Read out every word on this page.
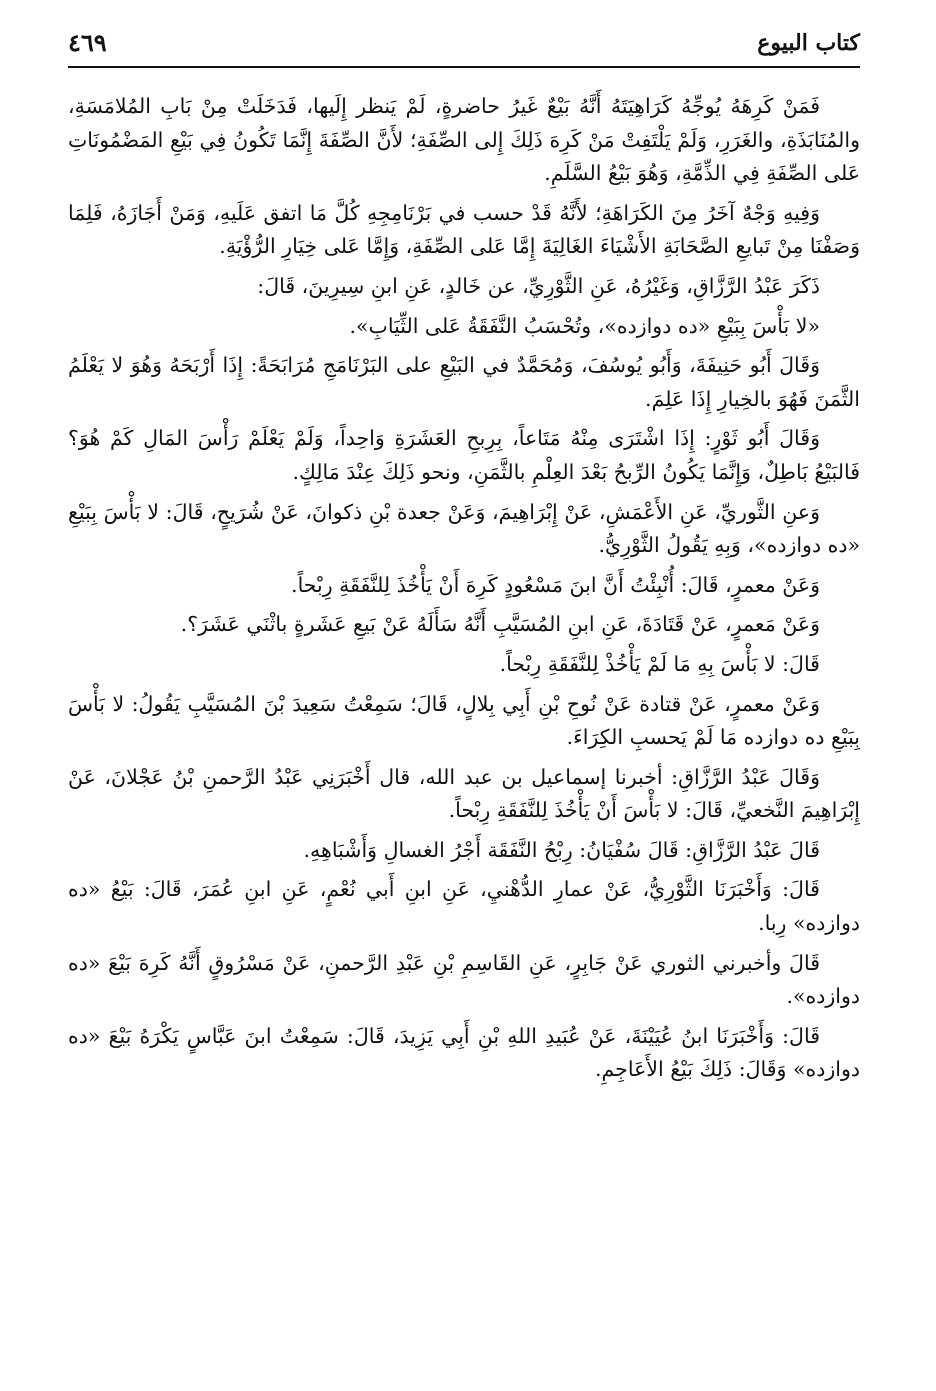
كتاب البيوع
٤٦٩

فَمَنْ كَرِهَهُ يُوجِّهُ كَرَاهِيَتَهُ أَنَّهُ بَيْعٌ غَيرُ حاضرةٍ، لَمْ يَنظر إِلَيها، فَدَخَلَتْ مِنْ بَابِ المُلامَسَةِ، والمُنَابَذَةِ، والغَرَرِ، وَلَمْ يَلْتَفِتْ مَنْ كَرِهَ ذَلِكَ إِلى الصِّفَةِ؛ لأَنَّ الصِّفَةَ إِنَّمَا تَكُونُ فِي بَيْعِ المَضْمُونَاتِ عَلى الصِّفَةِ فِي الذِّمَّةِ، وَهُوَ بَيْعُ السَّلَمِ.

وَفِيهِ وَجْهٌ آخَرُ مِنَ الكَرَاهَةِ؛ لأَنَّهُ قَدْ حسب في بَرْنَامِجِهِ كُلَّ مَا اتفق عَلَيهِ، وَمَنْ أَجَازَهُ، فَلِمَا وَصَفْنَا مِنْ تَبايعِ الصَّحَابَةِ الأَشْيَاءَ الغَالِيَةَ إِمَّا عَلى الصِّفَةِ، وَإِمَّا عَلى خِيَارِ الرُّؤْيَةِ.

ذَكَرَ عَبْدُ الرَّزَّاقِ، وَغَيْرُهُ، عَنِ الثَّوْرِيِّ، عن خَالدٍ، عَنِ ابنِ سِيرِينَ، قَالَ:

«لا بَأْسَ بِبَيْعِ «ده دوازده»، وتُحْسَبُ النَّفَقَةُ عَلى الثِّيَابِ».

وَقَالَ أَبُو حَنِيفَةَ، وَأَبُو يُوسُفَ، وَمُحَمَّدٌ في البَيْعِ على البَرْنَامَجِ مُرَابَحَةً: إِذَا أَرْبَحَهُ وَهُوَ لا يَعْلَمُ الثَّمَنَ فَهُوَ بالخِيارِ إِذَا عَلِمَ.

وَقَالَ أَبُو ثَوْرٍ: إِذَا اشْتَرَى مِنْهُ مَتَاعاً، بِرِبحِ العَشَرَةِ وَاحِداً، وَلَمْ يَعْلَمْ رَأْسَ المَالِ كَمْ هُوَ؟ فَالبَيْعُ بَاطِلٌ، وَإِنَّمَا يَكُونُ الرِّبحُ بَعْدَ العِلْمِ بالثَّمَنِ، ونحو ذَلِكَ عِنْدَ مَالِكٍ.

وَعنِ الثَّوريِّ، عَنِ الأَعْمَشِ، عَنْ إِبْرَاهِيمَ، وَعَنْ جعدة بْنِ ذكوانَ، عَنْ شُرَيحٍ، قَالَ: لا بَأْسَ بِبَيْعِ «ده دوازده»، وَبِهِ يَقُولُ الثَّوْرِيُّ.

وَعَنْ معمرٍ، قَالَ: أُنْبِئْتُ أَنَّ ابنَ مَسْعُودٍ كَرِهَ أَنْ يَأْخُذَ لِلنَّفَقَةِ رِبْحاً.

وَعَنْ مَعمرٍ، عَنْ قَتَادَةَ، عَنِ ابنِ المُسَيَّبِ أَنَّهُ سَأَلَهُ عَنْ بَيعِ عَشَرةٍ باثْنَي عَشَرَ؟.

قَالَ: لا بَأْسَ بِهِ مَا لَمْ يَأْخُذْ لِلنَّفَقَةِ رِبْحاً.

وَعَنْ معمرٍ، عَنْ قتادة عَنْ نُوحِ بْنِ أَبِي بِلالٍ، قَالَ؛ سَمِعْتُ سَعِيدَ بْنَ المُسَيَّبِ يَقُولُ: لا بَأْسَ بِبَيْعِ ده دوازده مَا لَمْ يَحسبِ الكِرَاءَ.

وَقَالَ عَبْدُ الرَّزَّاقِ: أخبرنا إسماعيل بن عبد الله، قال أَخْبَرَنِي عَبْدُ الرَّحمنِ بْنُ عَجْلانَ، عَنْ إِبْرَاهِيمَ النَّخعيِّ، قَالَ: لا بَأْسَ أَنْ يَأْخُذَ لِلنَّفَقَةِ رِبْحاً.

قَالَ عَبْدُ الرَّزَّاقِ: قَالَ سُفْيَانُ: رِبْحُ النَّفَقَة أَجْرُ الغسالِ وَأَشْبَاهِهِ.

قَالَ: وَأَخْبَرَنَا الثَّوْرِيُّ، عَنْ عمارِ الدُّهْنيِ، عَنِ ابنِ أَبي نُعْمٍ، عَنِ ابنِ عُمَرَ، قَالَ: بَيْعُ «ده دوازده» رِبا.

قَالَ وأخبرني الثوري عَنْ جَابِرٍ، عَنِ القَاسِمِ بْنِ عَبْدِ الرَّحمنِ، عَنْ مَسْرُوقٍ أَنَّهُ كَرِهَ بَيْعَ «ده دوازده».

قَالَ: وَأَخْبَرَنَا ابنُ عُيَيْنَةَ، عَنْ عُبَيدِ اللهِ بْنِ أَبِي يَزِيدَ، قَالَ: سَمِعْتُ ابنَ عَبَّاسٍ يَكْرَهُ بَيْعَ «ده دوازده» وَقَالَ: ذَلِكَ بَيْعُ الأَعَاجِمِ.
